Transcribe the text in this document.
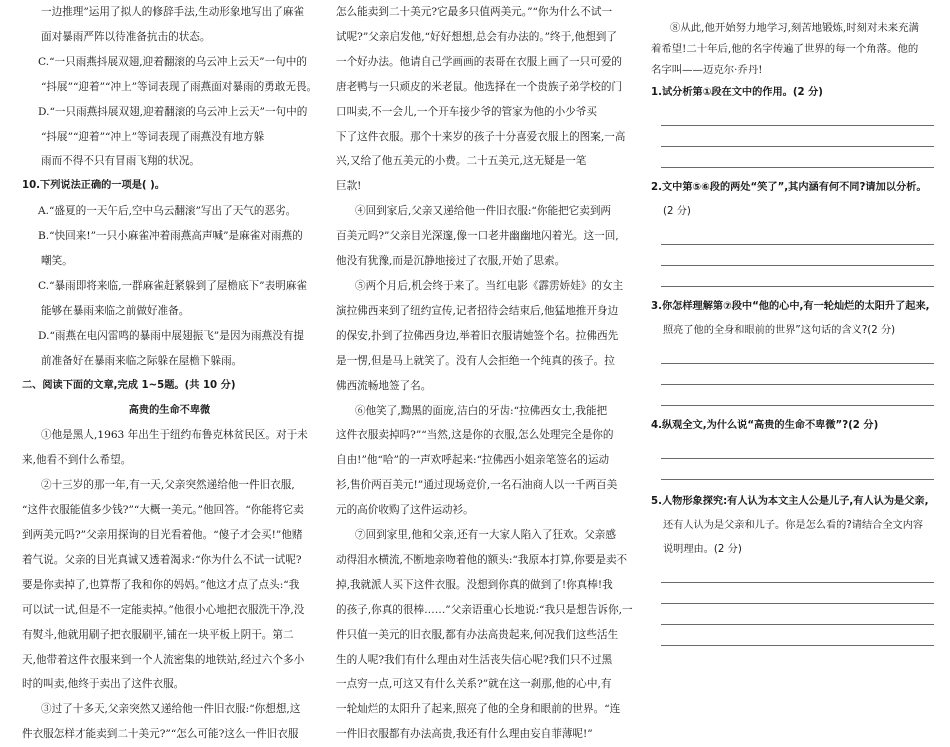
一边推理”运用了拟人的修辞手法,生动形象地写出了麻雀

面对暴雨严阵以待准备抗击的状态。

C.“一只雨燕抖展双翅,迎着翻滚的乌云冲上云天”一句中的

“抖展”“迎着”“冲上”等词表现了雨燕面对暴雨的勇敢无畏。

D.“一只雨燕抖展双翅,迎着翻滚的乌云冲上云天”一句中的

“抖展”“迎着”“冲上”等词表现了雨燕没有地方躲

雨而不得不只有冒雨飞翔的状况。

10.下列说法正确的一项是( )。

A.“盛夏的一天午后,空中乌云翻滚”写出了天气的恶劣。

B.“快回来!”一只小麻雀冲着雨燕高声喊”是麻雀对雨燕的

嘲笑。

C.“暴雨即将来临,一群麻雀赶紧躲到了屋檐底下”表明麻雀

能够在暴雨来临之前做好准备。

D.“雨燕在电闪雷鸣的暴雨中展翅振飞”是因为雨燕没有提

前准备好在暴雨来临之际躲在屋檐下躲雨。

二、阅读下面的文章,完成 1~5题。(共 10 分)

高贵的生命不卑微

①他是黑人,1963 年出生于纽约布鲁克林贫民区。对于未

来,他看不到什么希望。

②十三岁的那一年,有一天,父亲突然递给他一件旧衣服,

“这件衣服能值多少钱?”“大概一美元。”他回答。“你能将它卖

到两美元吗?”父亲用探询的目光看着他。“傻子才会买!”他赌

着气说。父亲的目光真诚又透着渴求:“你为什么不试一试呢?

要是你卖掉了,也算帮了我和你的妈妈。”他这才点了点头:“我

可以试一试,但是不一定能卖掉。”他很小心地把衣服洗干净,没

有熨斗,他就用刷子把衣服刷平,铺在一块平板上阴干。第二

天,他带着这件衣服来到一个人流密集的地铁站,经过六个多小

时的叫卖,他终于卖出了这件衣服。

③过了十多天,父亲突然又递给他一件旧衣服:“你想想,这

件衣服怎样才能卖到二十美元?”“怎么可能?这么一件旧衣服

怎么能卖到二十美元?它最多只值两美元。”“你为什么不试一

试呢?”父亲启发他,“好好想想,总会有办法的。”终于,他想到了

一个好办法。他请自己学画画的表哥在衣服上画了一只可爱的

唐老鸭与一只顽皮的米老鼠。他选择在一个贵族子弟学校的门

口叫卖,不一会儿,一个开车接少爷的管家为他的小少爷买

下了这件衣服。那个十来岁的孩子十分喜爱衣服上的图案,一高

兴,又给了他五美元的小费。二十五美元,这无疑是一笔

巨款!

④回到家后,父亲又递给他一件旧衣服:“你能把它卖到两

百美元吗?”父亲目光深邃,像一口老井幽幽地闪着光。这一回,

他没有犹豫,而是沉静地接过了衣服,开始了思索。

⑤两个月后,机会终于来了。当红电影《霹雳娇娃》的女主

演拉佛西来到了纽约宣传,记者招待会结束后,他猛地推开身边

的保安,扑到了拉佛西身边,举着旧衣服请她签个名。拉佛西先

是一愣,但是马上就笑了。没有人会拒绝一个纯真的孩子。拉

佛西流畅地签了名。

⑥他笑了,黝黑的面庞,洁白的牙齿:“拉佛西女士,我能把

这件衣服卖掉吗?”“当然,这是你的衣服,怎么处理完全是你的

自由!”他“哈”的一声欢呼起来:“拉佛西小姐亲笔签名的运动

衫,售价两百美元!”通过现场竞价,一名石油商人以一千两百美

元的高价收购了这件运动衫。

⑦回到家里,他和父亲,还有一大家人陷入了狂欢。父亲感

动得泪水横流,不断地亲吻着他的额头:“我原本打算,你要是卖不

掉,我就派人买下这件衣服。没想到你真的做到了!你真棒!我

的孩子,你真的很棒……”父亲语重心长地说:“我只是想告诉你,一

件只值一美元的旧衣服,都有办法高贵起来,何况我们这些活生

生的人呢?我们有什么理由对生活丧失信心呢?我们只不过黑

一点穷一点,可这又有什么关系?”就在这一刹那,他的心中,有

一轮灿烂的太阳升了起来,照亮了他的全身和眼前的世界。“连

一件旧衣服都有办法高贵,我还有什么理由妄自菲薄呢!”

⑧从此,他开始努力地学习,刻苦地锻炼,时刻对未来充满

着希望!二十年后,他的名字传遍了世界的每一个角落。他的

名字叫——迈克尔·乔丹!

1.试分析第①段在文中的作用。(2 分)

2.文中第⑤⑥段的两处“笑了”,其内涵有何不同?请加以分析。

(2 分)

3.你怎样理解第⑦段中“他的心中,有一轮灿烂的太阳升了起来,

照亮了他的全身和眼前的世界”这句话的含义?(2 分)

4.纵观全文,为什么说“高贵的生命不卑微”?(2 分)

5.人物形象探究:有人认为本文主人公是儿子,有人认为是父亲,

还有人认为是父亲和儿子。你是怎么看的?请结合全文内容

说明理由。(2 分)
